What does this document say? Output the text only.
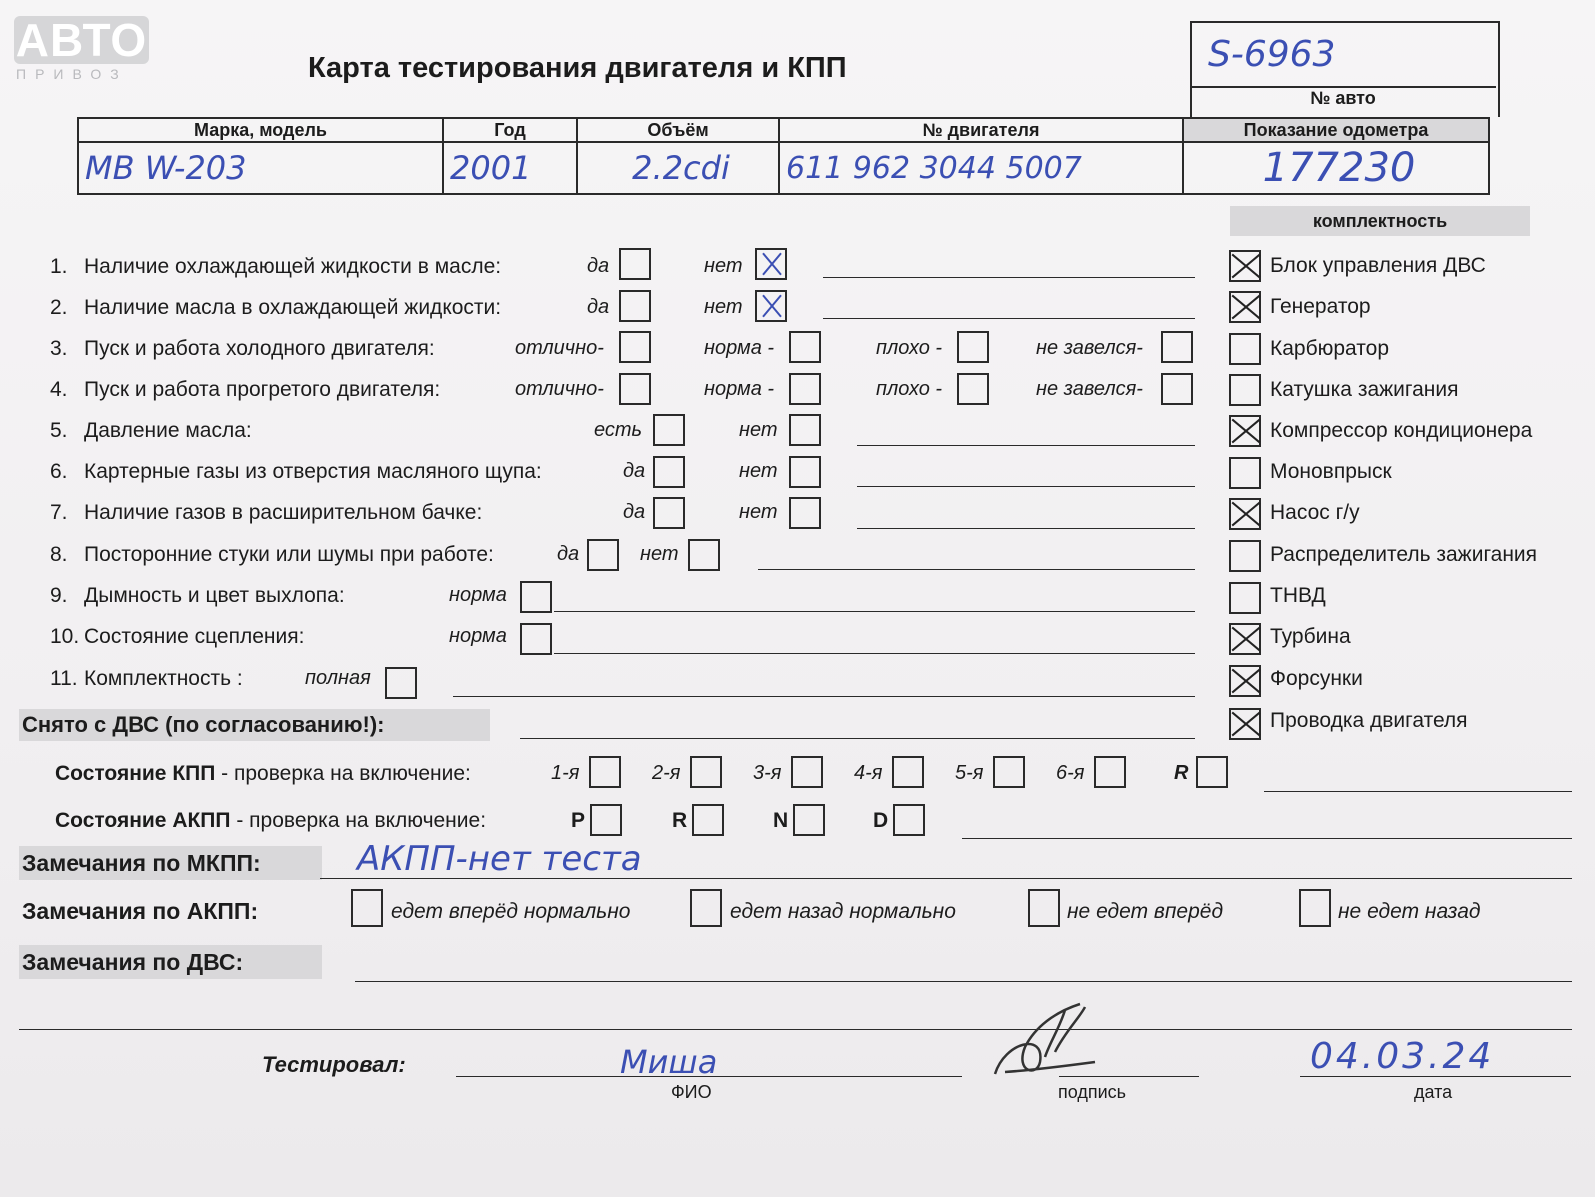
АВТО
ПРИВОЗ	Карта тестирования двигателя и КПП	S-6963
№ авто
Марка, модель	Год	Объём	№ двигателя	Показание одометра
MB W-203	2001	2.2cdi	611 962 3044 5007	177230
комплектность
1. Наличие охлаждающей жидкости в масле:	да	нет
2. Наличие масла в охлаждающей жидкости:	да	нет
3. Пуск и работа холодного двигателя:	отлично-	норма -	плохо -	не завелся-
4. Пуск и работа прогретого двигателя:	отлично-	норма -	плохо -	не завелся-
5. Давление масла:	есть	нет
6. Картерные газы из отверстия масляного щупа:	да	нет
7. Наличие газов в расширительном бачке:	да	нет
8. Посторонние стуки или шумы при работе:	да	нет
9. Дымность и цвет выхлопа:	норма
10. Состояние сцепления:	норма
11. Комплектность :	полная
Снято с ДВС (по согласованию!):
Блок управления ДВС
Генератор
Карбюратор
Катушка зажигания
Компрессор кондиционера
Моновпрыск
Насос г/у
Распределитель зажигания
ТНВД
Турбина
Форсунки
Проводка двигателя
Состояние КПП - проверка на включение:	1-я	2-я	3-я	4-я	5-я	6-я	R
Состояние АКПП - проверка на включение:	P	R	N	D
Замечания по МКПП:	АКПП-нет теста
Замечания по АКПП:	едет вперёд нормально	едет назад нормально	не едет вперёд	не едет назад
Замечания по ДВС:
Тестировал:	Миша
ФИО	подпись
04.03.24
дата
